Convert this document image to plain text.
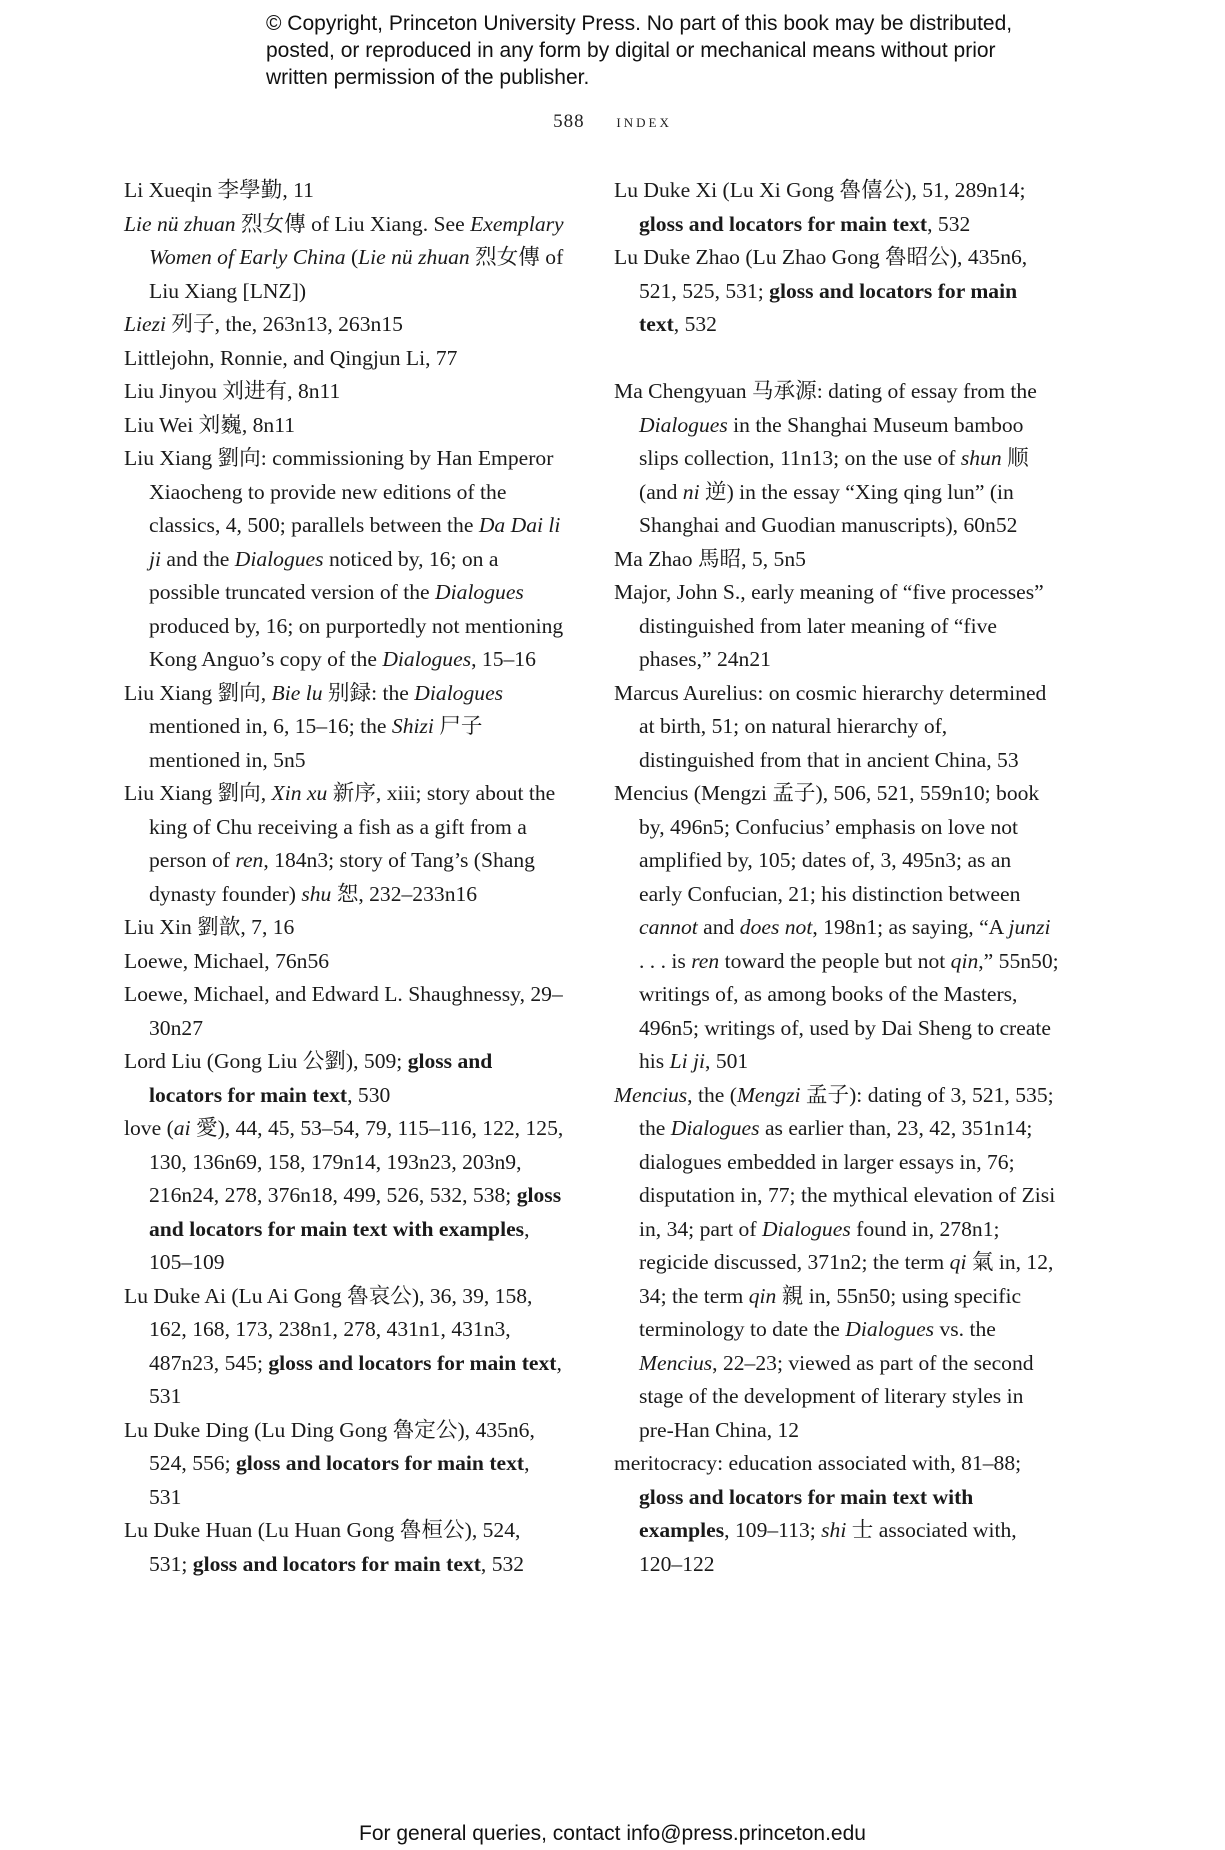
© Copyright, Princeton University Press. No part of this book may be distributed, posted, or reproduced in any form by digital or mechanical means without prior written permission of the publisher.
588 index
Li Xueqin 李學勤, 11
Lie nü zhuan 烈女傳 of Liu Xiang. See Exemplary Women of Early China (Lie nü zhuan 烈女傳 of Liu Xiang [LNZ])
Liezi 列子, the, 263n13, 263n15
Littlejohn, Ronnie, and Qingjun Li, 77
Liu Jinyou 刘进有, 8n11
Liu Wei 刘巍, 8n11
Liu Xiang 劉向: commissioning by Han Emperor Xiaocheng to provide new editions of the classics, 4, 500; parallels between the Da Dai li ji and the Dialogues noticed by, 16; on a possible truncated version of the Dialogues produced by, 16; on purportedly not mentioning Kong Anguo’s copy of the Dialogues, 15–16
Liu Xiang 劉向, Bie lu 别録: the Dialogues mentioned in, 6, 15–16; the Shizi 尸子 mentioned in, 5n5
Liu Xiang 劉向, Xin xu 新序, xiii; story about the king of Chu receiving a fish as a gift from a person of ren, 184n3; story of Tang’s (Shang dynasty founder) shu 恕, 232–233n16
Liu Xin 劉歆, 7, 16
Loewe, Michael, 76n56
Loewe, Michael, and Edward L. Shaughnessy, 29–30n27
Lord Liu (Gong Liu 公劉), 509; gloss and locators for main text, 530
love (ai 愛), 44, 45, 53–54, 79, 115–116, 122, 125, 130, 136n69, 158, 179n14, 193n23, 203n9, 216n24, 278, 376n18, 499, 526, 532, 538; gloss and locators for main text with examples, 105–109
Lu Duke Ai (Lu Ai Gong 魯哀公), 36, 39, 158, 162, 168, 173, 238n1, 278, 431n1, 431n3, 487n23, 545; gloss and locators for main text, 531
Lu Duke Ding (Lu Ding Gong 魯定公), 435n6, 524, 556; gloss and locators for main text, 531
Lu Duke Huan (Lu Huan Gong 魯桓公), 524, 531; gloss and locators for main text, 532
Lu Duke Xi (Lu Xi Gong 魯僖公), 51, 289n14; gloss and locators for main text, 532
Lu Duke Zhao (Lu Zhao Gong 魯昭公), 435n6, 521, 525, 531; gloss and locators for main text, 532
Ma Chengyuan 马承源: dating of essay from the Dialogues in the Shanghai Museum bamboo slips collection, 11n13; on the use of shun 顺 (and ni 逆) in the essay “Xing qing lun” (in Shanghai and Guodian manuscripts), 60n52
Ma Zhao 馬昭, 5, 5n5
Major, John S., early meaning of “five processes” distinguished from later meaning of “five phases,” 24n21
Marcus Aurelius: on cosmic hierarchy determined at birth, 51; on natural hierarchy of, distinguished from that in ancient China, 53
Mencius (Mengzi 孟子), 506, 521, 559n10; book by, 496n5; Confucius’ emphasis on love not amplified by, 105; dates of, 3, 495n3; as an early Confucian, 21; his distinction between cannot and does not, 198n1; as saying, “A junzi . . . is ren toward the people but not qin,” 55n50; writings of, as among books of the Masters, 496n5; writings of, used by Dai Sheng to create his Li ji, 501
Mencius, the (Mengzi 孟子): dating of 3, 521, 535; the Dialogues as earlier than, 23, 42, 351n14; dialogues embedded in larger essays in, 76; disputation in, 77; the mythical elevation of Zisi in, 34; part of Dialogues found in, 278n1; regicide discussed, 371n2; the term qi 氣 in, 12, 34; the term qin 親 in, 55n50; using specific terminology to date the Dialogues vs. the Mencius, 22–23; viewed as part of the second stage of the development of literary styles in pre-Han China, 12
meritocracy: education associated with, 81–88; gloss and locators for main text with examples, 109–113; shi 士 associated with, 120–122
For general queries, contact info@press.princeton.edu
